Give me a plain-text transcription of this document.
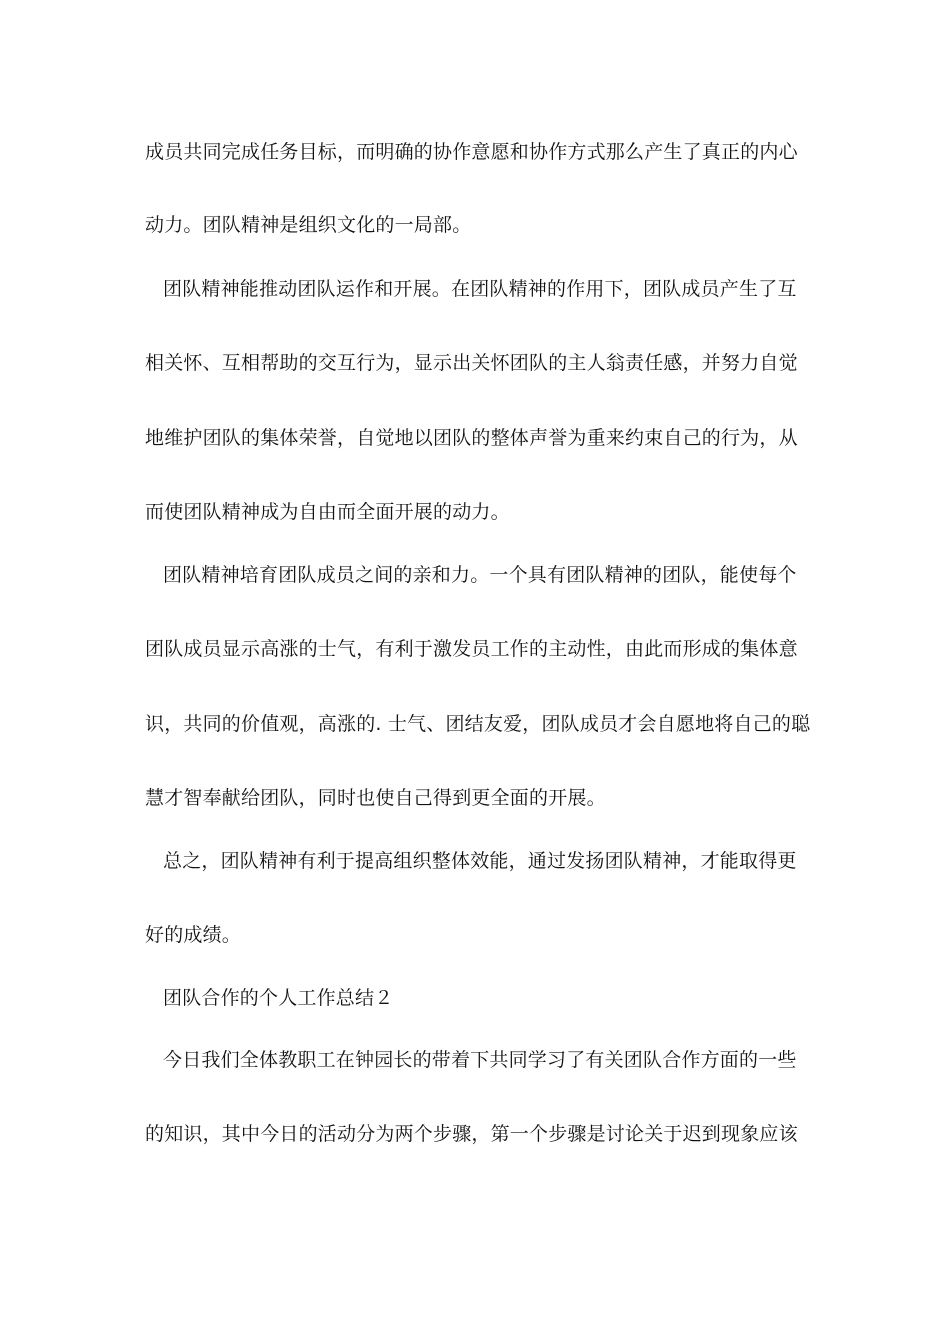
成员共同完成任务目标，而明确的协作意愿和协作方式那么产生了真正的内心
动力。团队精神是组织文化的一局部。
团队精神能推动团队运作和开展。在团队精神的作用下，团队成员产生了互
相关怀、互相帮助的交互行为，显示出关怀团队的主人翁责任感，并努力自觉
地维护团队的集体荣誉，自觉地以团队的整体声誉为重来约束自己的行为，从
而使团队精神成为自由而全面开展的动力。
团队精神培育团队成员之间的亲和力。一个具有团队精神的团队，能使每个
团队成员显示高涨的士气，有利于激发员工作的主动性，由此而形成的集体意
识，共同的价值观，高涨的. 士气、团结友爱，团队成员才会自愿地将自己的聪
慧才智奉献给团队，同时也使自己得到更全面的开展。
总之，团队精神有利于提高组织整体效能，通过发扬团队精神，才能取得更
好的成绩。
团队合作的个人工作总结２
今日我们全体教职工在钟园长的带着下共同学习了有关团队合作方面的一些
的知识，其中今日的活动分为两个步骤，第一个步骤是讨论关于迟到现象应该
